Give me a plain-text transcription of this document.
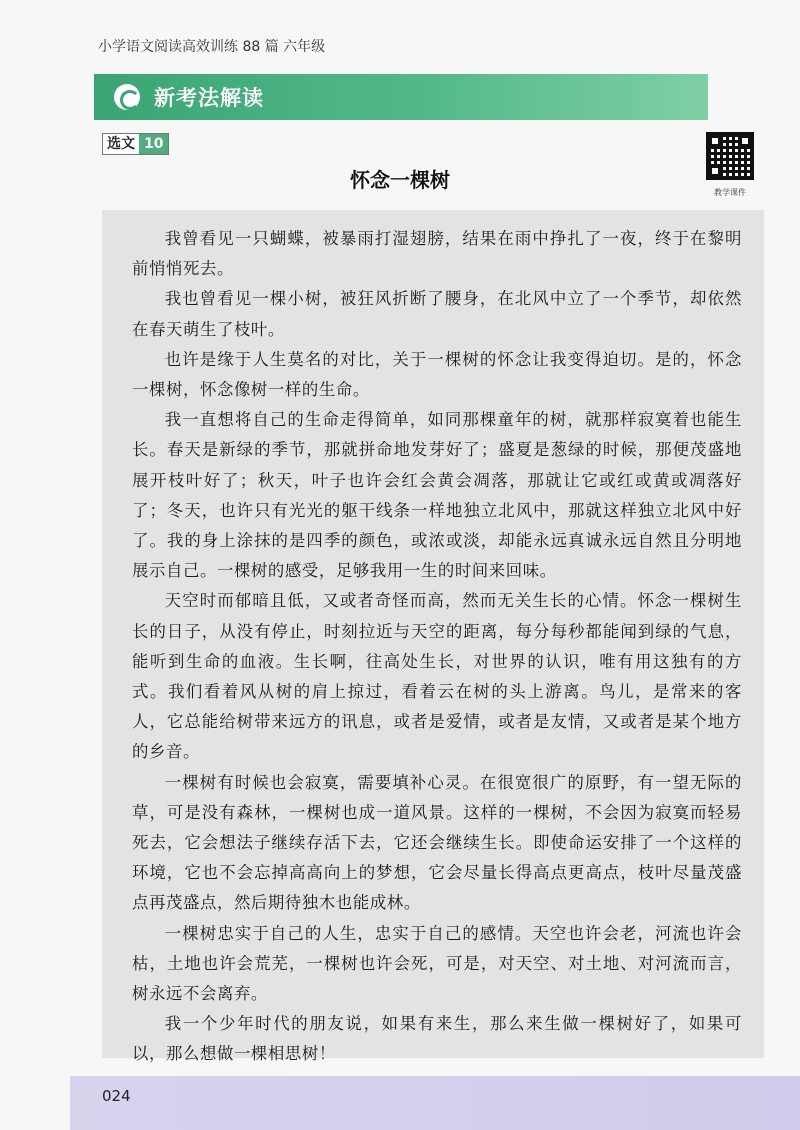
小学语文阅读高效训练 88 篇 六年级
新考法解读
选文 10
怀念一棵树
教学课件

我曾看见一只蝴蝶，被暴雨打湿翅膀，结果在雨中挣扎了一夜，终于在黎明前悄悄死去。

我也曾看见一棵小树，被狂风折断了腰身，在北风中立了一个季节，却依然在春天萌生了枝叶。

也许是缘于人生莫名的对比，关于一棵树的怀念让我变得迫切。是的，怀念一棵树，怀念像树一样的生命。

我一直想将自己的生命走得简单，如同那棵童年的树，就那样寂寞着也能生长。春天是新绿的季节，那就拼命地发芽好了；盛夏是葱绿的时候，那便茂盛地展开枝叶好了；秋天，叶子也许会红会黄会凋落，那就让它或红或黄或凋落好了；冬天，也许只有光光的躯干线条一样地独立北风中，那就这样独立北风中好了。我的身上涂抹的是四季的颜色，或浓或淡，却能永远真诚永远自然且分明地展示自己。一棵树的感受，足够我用一生的时间来回味。

天空时而郁暗且低，又或者奇怪而高，然而无关生长的心情。怀念一棵树生长的日子，从没有停止，时刻拉近与天空的距离，每分每秒都能闻到绿的气息，能听到生命的血液。生长啊，往高处生长，对世界的认识，唯有用这独有的方式。我们看着风从树的肩上掠过，看着云在树的头上游离。鸟儿，是常来的客人，它总能给树带来远方的讯息，或者是爱情，或者是友情，又或者是某个地方的乡音。

一棵树有时候也会寂寞，需要填补心灵。在很宽很广的原野，有一望无际的草，可是没有森林，一棵树也成一道风景。这样的一棵树，不会因为寂寞而轻易死去，它会想法子继续存活下去，它还会继续生长。即使命运安排了一个这样的环境，它也不会忘掉高高向上的梦想，它会尽量长得高点更高点，枝叶尽量茂盛点再茂盛点，然后期待独木也能成林。

一棵树忠实于自己的人生，忠实于自己的感情。天空也许会老，河流也许会枯，土地也许会荒芜，一棵树也许会死，可是，对天空、对土地、对河流而言，树永远不会离弃。

我一个少年时代的朋友说，如果有来生，那么来生做一棵树好了，如果可以，那么想做一棵相思树！

024
